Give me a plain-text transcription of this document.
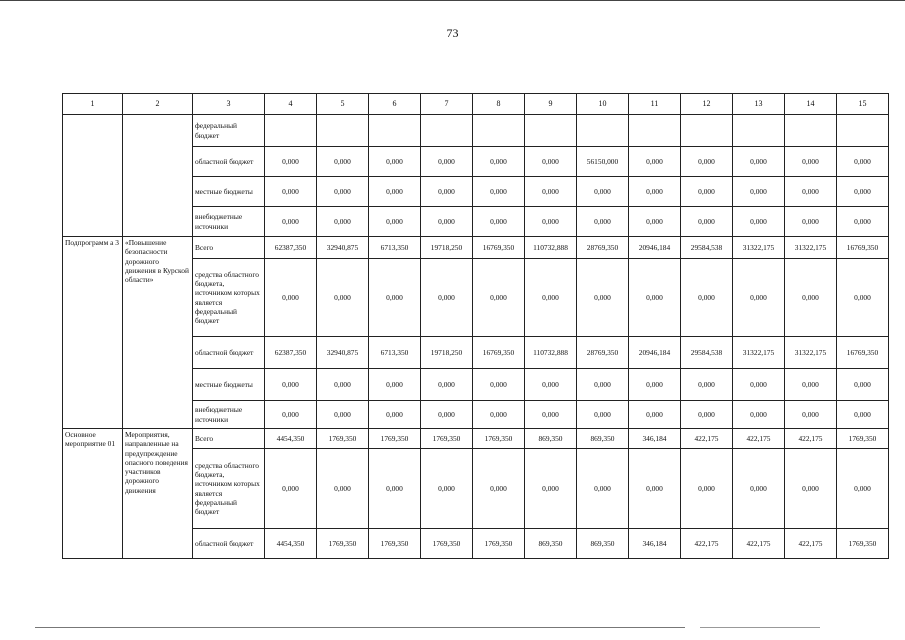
73
1	2	3	4	5	6	7	8	9	10	11	12	13	14	15
		федеральный бюджет												
		областной бюджет	0,000	0,000	0,000	0,000	0,000	0,000	56150,000	0,000	0,000	0,000	0,000	0,000
		местные бюджеты	0,000	0,000	0,000	0,000	0,000	0,000	0,000	0,000	0,000	0,000	0,000	0,000
		внебюджетные источники	0,000	0,000	0,000	0,000	0,000	0,000	0,000	0,000	0,000	0,000	0,000	0,000
Подпрограмм а 3	«Повышение безопасности дорожного движения в Курской области»	Всего	62387,350	32940,875	6713,350	19718,250	16769,350	110732,888	28769,350	20946,184	29584,538	31322,175	31322,175	16769,350
		средства областного бюджета, источником которых является федеральный бюджет	0,000	0,000	0,000	0,000	0,000	0,000	0,000	0,000	0,000	0,000	0,000	0,000
		областной бюджет	62387,350	32940,875	6713,350	19718,250	16769,350	110732,888	28769,350	20946,184	29584,538	31322,175	31322,175	16769,350
		местные бюджеты	0,000	0,000	0,000	0,000	0,000	0,000	0,000	0,000	0,000	0,000	0,000	0,000
		внебюджетные источники	0,000	0,000	0,000	0,000	0,000	0,000	0,000	0,000	0,000	0,000	0,000	0,000
Основное мероприятие 01	Мероприятия, направленные на предупреждение опасного поведения участников дорожного движения	Всего	4454,350	1769,350	1769,350	1769,350	1769,350	869,350	869,350	346,184	422,175	422,175	422,175	1769,350
		средства областного бюджета, источником которых является федеральный бюджет	0,000	0,000	0,000	0,000	0,000	0,000	0,000	0,000	0,000	0,000	0,000	0,000
		областной бюджет	4454,350	1769,350	1769,350	1769,350	1769,350	869,350	869,350	346,184	422,175	422,175	422,175	1769,350
